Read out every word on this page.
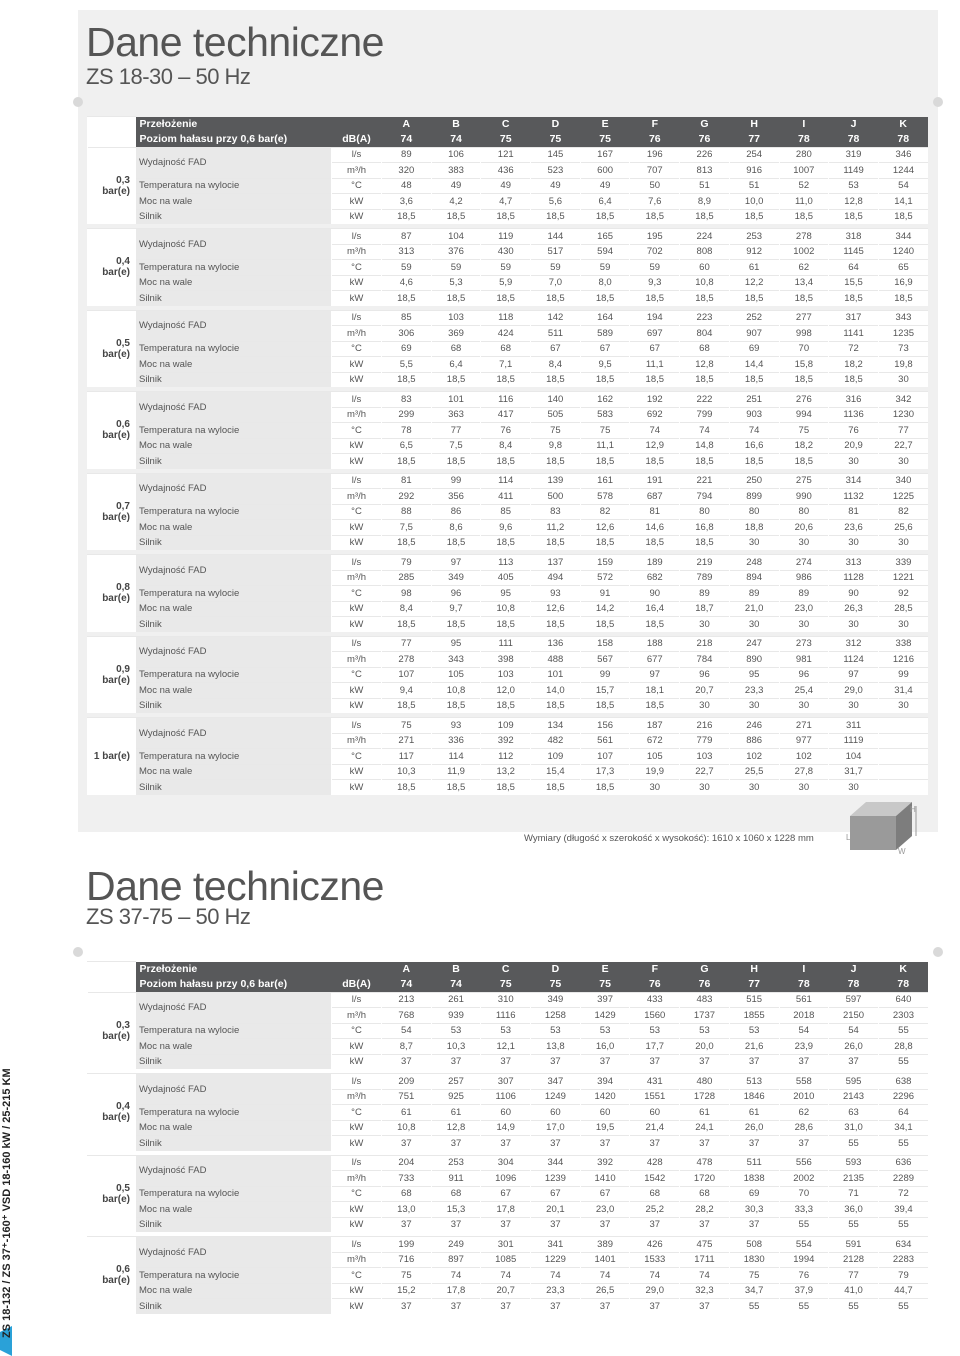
Dane techniczne
ZS 18-30 – 50 Hz
	Przełożenie		A	B	C	D	E	F	G	H	I	J	K
	Poziom hałasu przy 0,6 bar(e)	dB(A)	74	74	75	75	75	76	76	77	78	78	78
0,3 bar(e)	Wydajność FAD	l/s	89	106	121	145	167	196	226	254	280	319	346
		m³/h	320	383	436	523	600	707	813	916	1007	1149	1244
	Temperatura na wylocie	°C	48	49	49	49	49	50	51	51	52	53	54
	Moc na wale	kW	3,6	4,2	4,7	5,6	6,4	7,6	8,9	10,0	11,0	12,8	14,1
	Silnik	kW	18,5	18,5	18,5	18,5	18,5	18,5	18,5	18,5	18,5	18,5	18,5

0,4 bar(e)	Wydajność FAD	l/s	87	104	119	144	165	195	224	253	278	318	344
		m³/h	313	376	430	517	594	702	808	912	1002	1145	1240
	Temperatura na wylocie	°C	59	59	59	59	59	59	60	61	62	64	65
	Moc na wale	kW	4,6	5,3	5,9	7,0	8,0	9,3	10,8	12,2	13,4	15,5	16,9
	Silnik	kW	18,5	18,5	18,5	18,5	18,5	18,5	18,5	18,5	18,5	18,5	18,5

0,5 bar(e)	Wydajność FAD	l/s	85	103	118	142	164	194	223	252	277	317	343
		m³/h	306	369	424	511	589	697	804	907	998	1141	1235
	Temperatura na wylocie	°C	69	68	68	67	67	67	68	69	70	72	73
	Moc na wale	kW	5,5	6,4	7,1	8,4	9,5	11,1	12,8	14,4	15,8	18,2	19,8
	Silnik	kW	18,5	18,5	18,5	18,5	18,5	18,5	18,5	18,5	18,5	18,5	30

0,6 bar(e)	Wydajność FAD	l/s	83	101	116	140	162	192	222	251	276	316	342
		m³/h	299	363	417	505	583	692	799	903	994	1136	1230
	Temperatura na wylocie	°C	78	77	76	75	75	74	74	74	75	76	77
	Moc na wale	kW	6,5	7,5	8,4	9,8	11,1	12,9	14,8	16,6	18,2	20,9	22,7
	Silnik	kW	18,5	18,5	18,5	18,5	18,5	18,5	18,5	18,5	18,5	30	30

0,7 bar(e)	Wydajność FAD	l/s	81	99	114	139	161	191	221	250	275	314	340
		m³/h	292	356	411	500	578	687	794	899	990	1132	1225
	Temperatura na wylocie	°C	88	86	85	83	82	81	80	80	80	81	82
	Moc na wale	kW	7,5	8,6	9,6	11,2	12,6	14,6	16,8	18,8	20,6	23,6	25,6
	Silnik	kW	18,5	18,5	18,5	18,5	18,5	18,5	18,5	30	30	30	30

0,8 bar(e)	Wydajność FAD	l/s	79	97	113	137	159	189	219	248	274	313	339
		m³/h	285	349	405	494	572	682	789	894	986	1128	1221
	Temperatura na wylocie	°C	98	96	95	93	91	90	89	89	89	90	92
	Moc na wale	kW	8,4	9,7	10,8	12,6	14,2	16,4	18,7	21,0	23,0	26,3	28,5
	Silnik	kW	18,5	18,5	18,5	18,5	18,5	18,5	30	30	30	30	30

0,9 bar(e)	Wydajność FAD	l/s	77	95	111	136	158	188	218	247	273	312	338
		m³/h	278	343	398	488	567	677	784	890	981	1124	1216
	Temperatura na wylocie	°C	107	105	103	101	99	97	96	95	96	97	99
	Moc na wale	kW	9,4	10,8	12,0	14,0	15,7	18,1	20,7	23,3	25,4	29,0	31,4
	Silnik	kW	18,5	18,5	18,5	18,5	18,5	18,5	30	30	30	30	30

1 bar(e)	Wydajność FAD	l/s	75	93	109	134	156	187	216	246	271	311	
		m³/h	271	336	392	482	561	672	779	886	977	1119	
	Temperatura na wylocie	°C	117	114	112	109	107	105	103	102	102	104	
	Moc na wale	kW	10,3	11,9	13,2	15,4	17,3	19,9	22,7	25,5	27,8	31,7	
	Silnik	kW	18,5	18,5	18,5	18,5	18,5	30	30	30	30	30	
Wymiary (długość x szerokość x wysokość): 1610 x 1060 x 1228 mm
H
L
W
Dane techniczne
ZS 37-75 – 50 Hz
	Przełożenie		A	B	C	D	E	F	G	H	I	J	K
	Poziom hałasu przy 0,6 bar(e)	dB(A)	74	74	75	75	75	76	76	77	78	78	78
0,3 bar(e)	Wydajność FAD	l/s	213	261	310	349	397	433	483	515	561	597	640
		m³/h	768	939	1116	1258	1429	1560	1737	1855	2018	2150	2303
	Temperatura na wylocie	°C	54	53	53	53	53	53	53	53	54	54	55
	Moc na wale	kW	8,7	10,3	12,1	13,8	16,0	17,7	20,0	21,6	23,9	26,0	28,8
	Silnik	kW	37	37	37	37	37	37	37	37	37	37	55

0,4 bar(e)	Wydajność FAD	l/s	209	257	307	347	394	431	480	513	558	595	638
		m³/h	751	925	1106	1249	1420	1551	1728	1846	2010	2143	2296
	Temperatura na wylocie	°C	61	61	60	60	60	60	61	61	62	63	64
	Moc na wale	kW	10,8	12,8	14,9	17,0	19,5	21,4	24,1	26,0	28,6	31,0	34,1
	Silnik	kW	37	37	37	37	37	37	37	37	37	55	55

0,5 bar(e)	Wydajność FAD	l/s	204	253	304	344	392	428	478	511	556	593	636
		m³/h	733	911	1096	1239	1410	1542	1720	1838	2002	2135	2289
	Temperatura na wylocie	°C	68	68	67	67	67	68	68	69	70	71	72
	Moc na wale	kW	13,0	15,3	17,8	20,1	23,0	25,2	28,2	30,3	33,3	36,0	39,4
	Silnik	kW	37	37	37	37	37	37	37	37	55	55	55

0,6 bar(e)	Wydajność FAD	l/s	199	249	301	341	389	426	475	508	554	591	634
		m³/h	716	897	1085	1229	1401	1533	1711	1830	1994	2128	2283
	Temperatura na wylocie	°C	75	74	74	74	74	74	74	75	76	77	79
	Moc na wale	kW	15,2	17,8	20,7	23,3	26,5	29,0	32,3	34,7	37,9	41,0	44,7
	Silnik	kW	37	37	37	37	37	37	37	55	55	55	55
ZS 18-132 / ZS 37⁺-160⁺ VSD 18-160 kW / 25-215 KM
